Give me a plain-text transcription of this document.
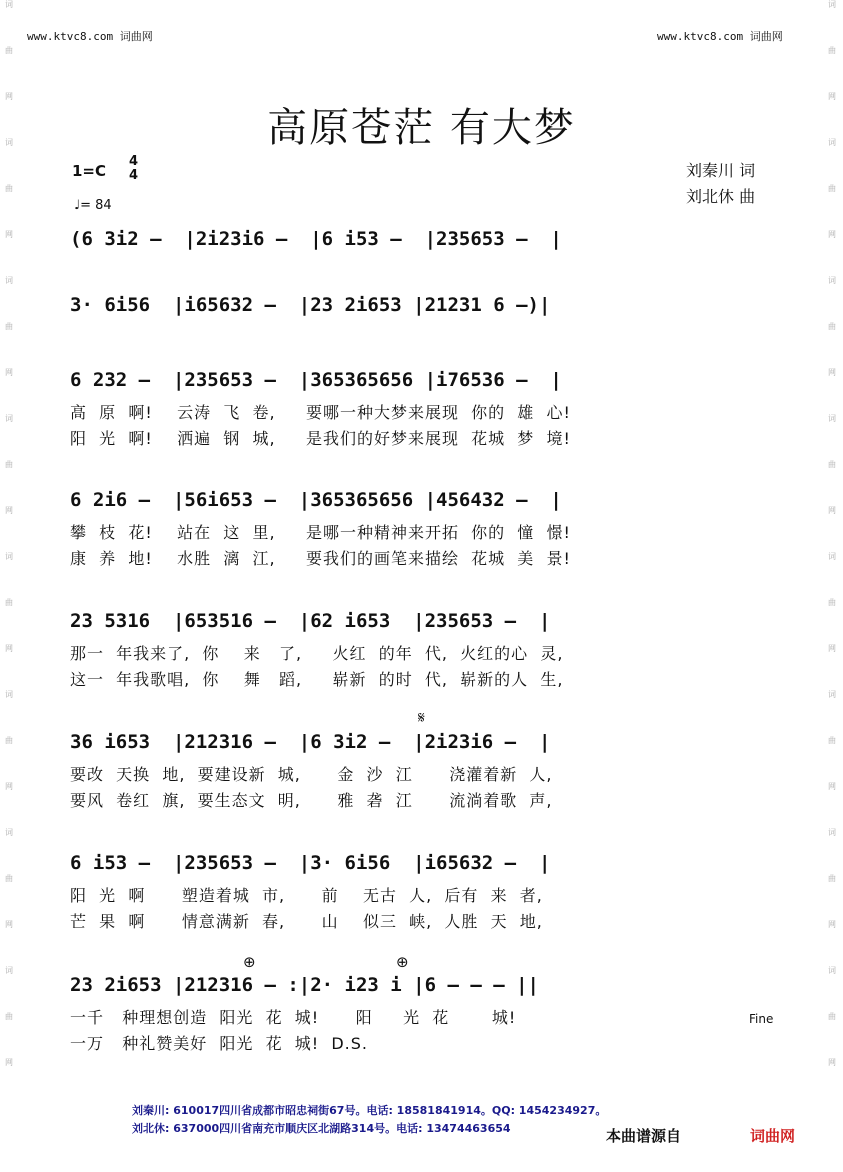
词
曲
网
词
曲
网
词
曲
网
词
曲
网
词
曲
网
词
曲
网
词
曲
网
词
曲
网
词
曲
网
词
曲
网
词
曲
网
词
曲
网
词
曲
网
词
曲
网
词
曲
网
词
曲
网
www.ktvc8.com 词曲网	www.ktvc8.com 词曲网
高原苍茫 有大梦
1=C
4
4
♩= 84
刘秦川 词
刘北休 曲
(6 3i2 –  |2i23i6 –  |6 i53 –  |235653 –  |
3· 6i56  |i65632 –  |23 2i653 |21231 6 –)|
6 232 –  |235653 –  |365365656 |i76536 –  |
高  原  啊!    云涛  飞  卷,     要哪一种大梦来展现  你的  雄  心!
阳  光  啊!    洒遍  钢  城,     是我们的好梦来展现  花城  梦  境!
6 2i6 –  |56i653 –  |365365656 |456432 –  |
攀  枝  花!    站在  这  里,     是哪一种精神来开拓  你的  憧  憬!
康  养  地!    水胜  漓  江,     要我们的画笔来描绘  花城  美  景!
23 5316  |653516 –  |62 i653  |235653 –  |
那一  年我来了,  你    来   了,     火红  的年  代,  火红的心  灵,
这一  年我歌唱,  你    舞   蹈,     崭新  的时  代,  崭新的人  生,
𝄋
36 i653  |212316 –  |6 3i2 –  |2i23i6 –  |
要改  天换  地,  要建设新  城,      金  沙  江      浇灌着新  人,
要风  卷红  旗,  要生态文  明,      雅  砻  江      流淌着歌  声,
6 i53 –  |235653 –  |3· 6i56  |i65632 –  |
阳  光  啊      塑造着城  市,      前    无古  人,  后有  来  者,
芒  果  啊      情意满新  春,      山    似三  峡,  人胜  天  地,
⊕	⊕
23 2i653 |212316 – :|2· i23 i |6 – – – ||
Fine
一千   种理想创造  阳光  花  城!      阳     光  花       城!
一万   种礼赞美好  阳光  花  城!  D.S.
刘秦川: 610017四川省成都市昭忠祠街67号。电话: 18581841914。QQ: 1454234927。
刘北休: 637000四川省南充市顺庆区北湖路314号。电话: 13474463654	本曲谱源自	词曲网
